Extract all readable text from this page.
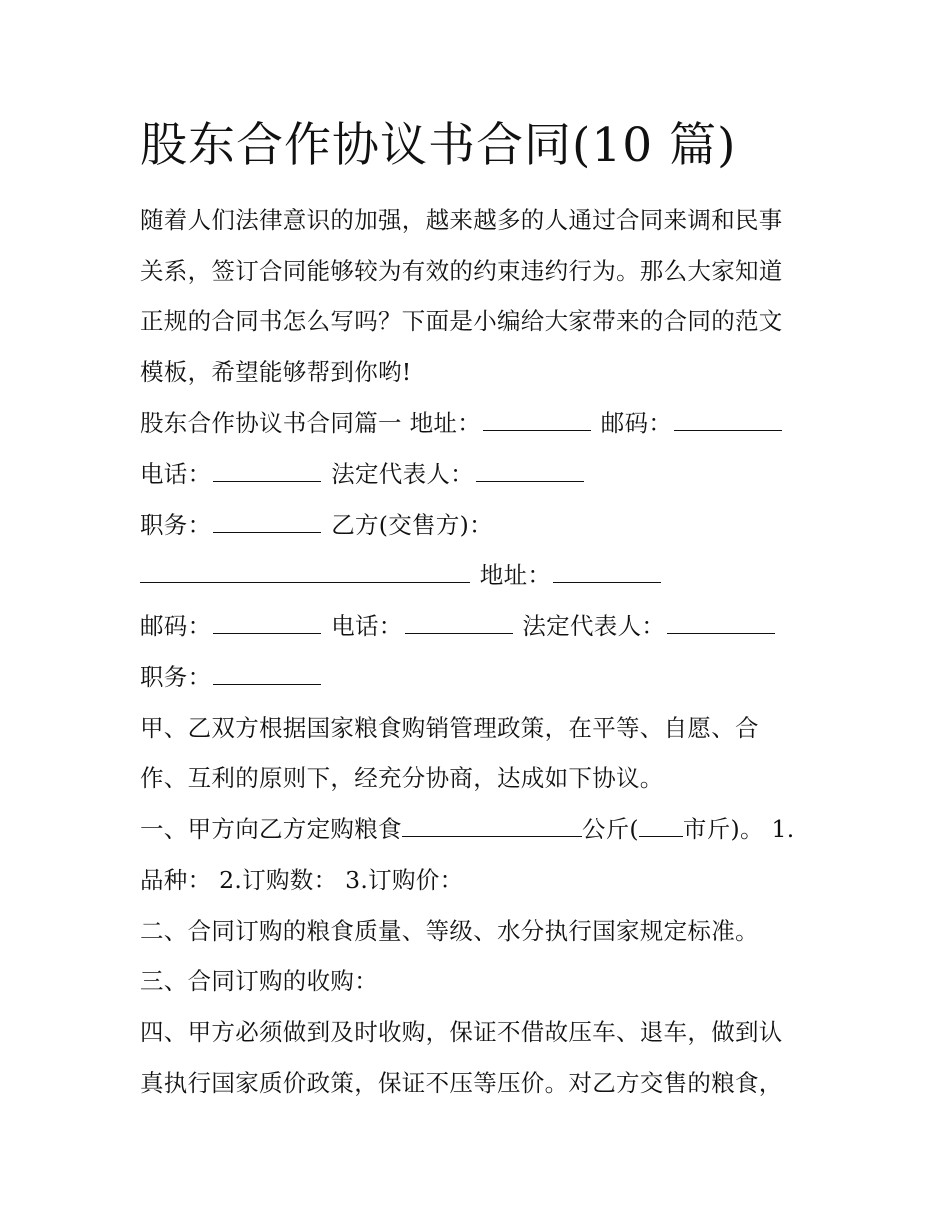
股东合作协议书合同(10 篇)
随着人们法律意识的加强，越来越多的人通过合同来调和民事
关系，签订合同能够较为有效的约束违约行为。那么大家知道
正规的合同书怎么写吗？下面是小编给大家带来的合同的范文
模板，希望能够帮到你哟!
股东合作协议书合同篇一 地址：	邮码：
电话：	法定代表人：
职务：	乙方(交售方)：
地址：
邮码：	电话：	法定代表人：
职务：
甲、乙双方根据国家粮食购销管理政策，在平等、自愿、合
作、互利的原则下，经充分协商，达成如下协议。
一、甲方向乙方定购粮食	公斤( 市斤)。 1.
品种： 2.订购数： 3.订购价：
二、合同订购的粮食质量、等级、水分执行国家规定标准。
三、合同订购的收购：
四、甲方必须做到及时收购，保证不借故压车、退车，做到认
真执行国家质价政策，保证不压等压价。对乙方交售的粮食，
